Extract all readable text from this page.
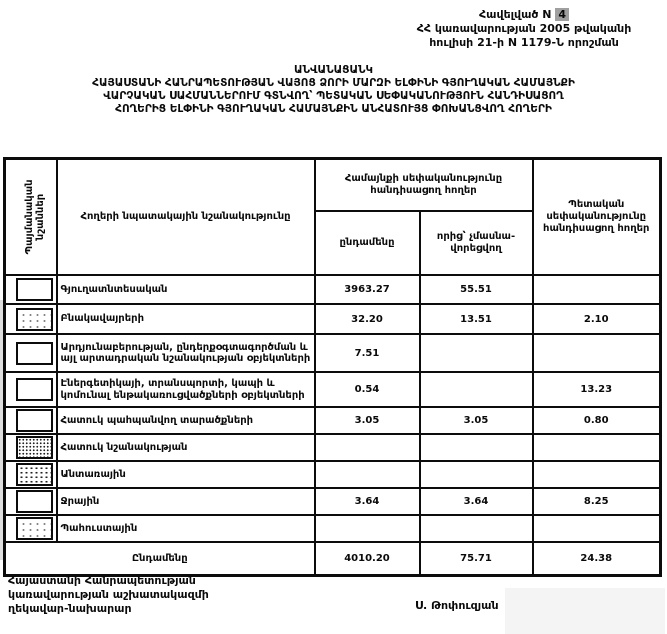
Հավելված N 4
ՀՀ կառավարության 2005 թվականի
հուլիսի 21-ի N 1179-Ն որոշման
ԱՆՎԱՆԱՑԱՆԿ
ՀԱՅԱՍՏԱՆԻ ՀԱՆՐԱՊԵՏՈՒԹՅԱՆ ՎԱՅՈՑ ՁՈՐԻ ՄԱՐԶԻ ԵԼՓԻՆԻ ԳՅՈՒՂԱԿԱՆ ՀԱՄԱՅՆՔԻ
ՎԱՐՉԱԿԱՆ ՍԱՀՄԱՆՆԵՐՈՒՄ ԳՏՆՎՈՂ՝ ՊԵՏԱԿԱՆ ՍԵՓԱԿԱՆՈՒԹՅՈՒՆ ՀԱՆԴԻՍԱՑՈՂ
ՀՈՂԵՐԻՑ ԵԼՓԻՆԻ ԳՅՈՒՂԱԿԱՆ ՀԱՄԱՅՆՔԻՆ ԱՆՀԱՏՈՒՅՑ ՓՈԽԱՆՑՎՈՂ ՀՈՂԵՐԻ
Պայմանական նշաններ	Հողերի նպատակային նշանակությունը	Համայնքի սեփականությունը հանդիսացող հողեր		Պետական սեփականությունը հանդիսացող հողեր
		ընդամենը	որից՝ չմասնավորեցվող	

	Գյուղատնտեսական	3963.27	55.51	

	Բնակավայրերի	32.20	13.51	2.10

	Արդյունաբերության, ընդերքօգտագործման և այլ արտադրական նշանակության օբյեկտների	7.51		

	Էներգետիկայի, տրանսպորտի, կապի և կոմունալ ենթակառուցվածքների օբյեկտների	0.54		13.23

	Հատուկ պահպանվող տարածքների	3.05	3.05	0.80

	Հատուկ նշանակության			

	Անտառային			

	Ջրային	3.64	3.64	8.25

	Պահուստային			
Ընդամենը		4010.20	75.71	24.38
Հայաստանի Հանրապետության
կառավարության աշխատակազմի
ղեկավար-նախարար	Ս. Թոփուզյան
